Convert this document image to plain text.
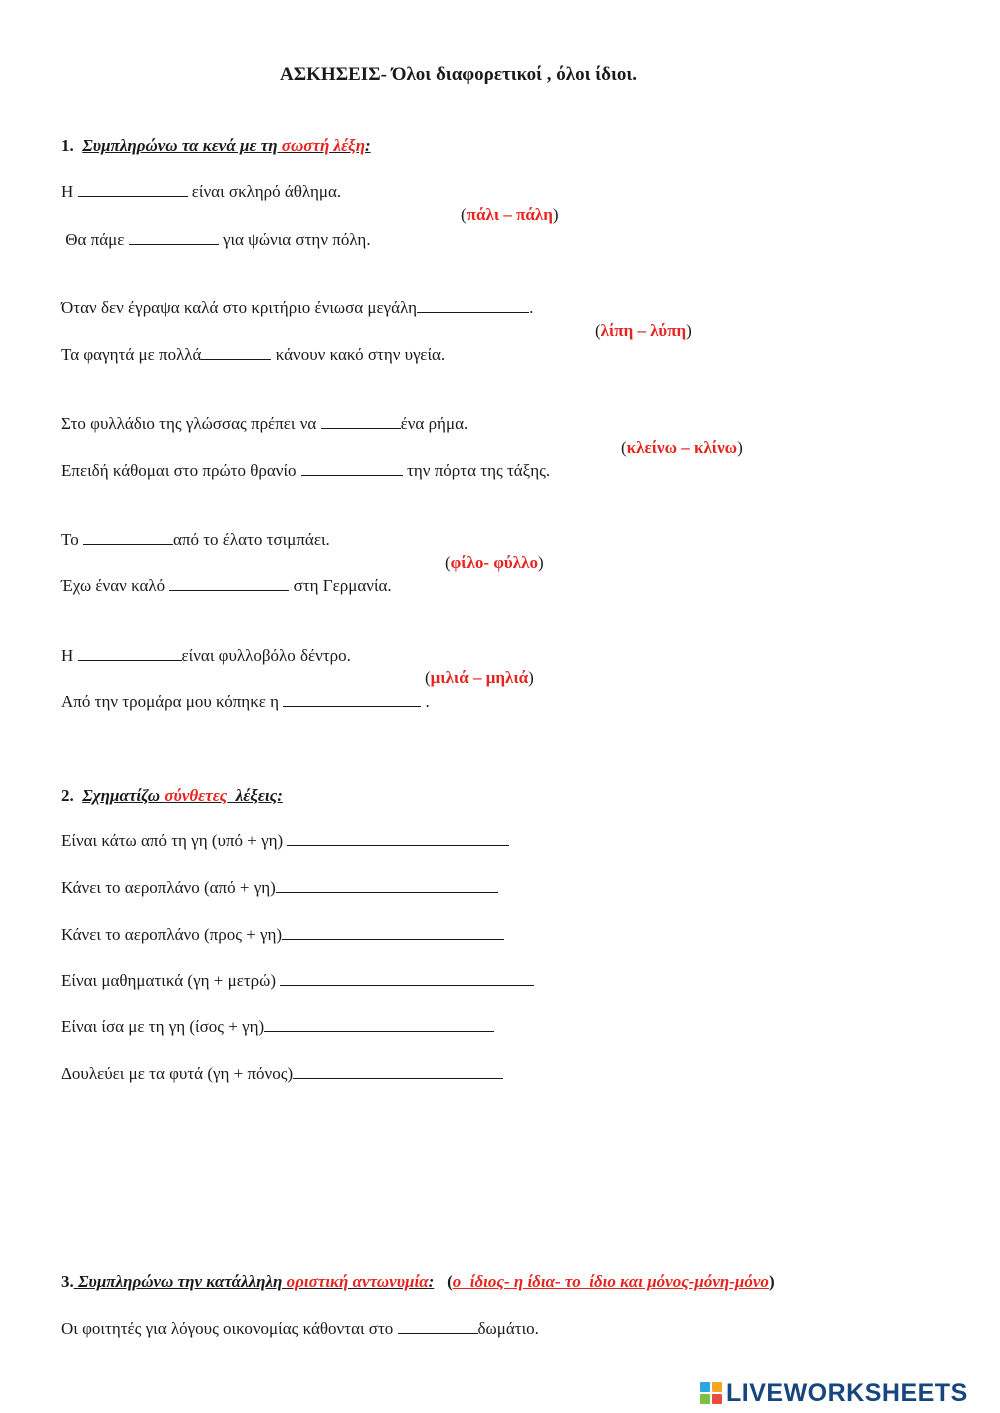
ΑΣΚΗΣΕΙΣ- Όλοι διαφορετικοί , όλοι ίδιοι.
1.  Συμπληρώνω τα κενά με τη σωστή λέξη:
Η	είναι σκληρό άθλημα.
(πάλι – πάλη)
Θα πάμε	για ψώνια στην πόλη.
Όταν δεν έγραψα καλά στο κριτήριο ένιωσα μεγάλη	.
(λίπη – λύπη)
Τα φαγητά με πολλά	κάνουν κακό στην υγεία.
Στο φυλλάδιο της γλώσσας πρέπει να	ένα ρήμα.
(κλείνω – κλίνω)
Επειδή κάθομαι στο πρώτο θρανίο	την πόρτα της τάξης.
Το	από το έλατο τσιμπάει.
(φίλο- φύλλο)
Έχω έναν καλό	στη Γερμανία.
Η	είναι φυλλοβόλο δέντρο.
(μιλιά – μηλιά)
Από την τρομάρα μου κόπηκε η	.
2.  Σχηματίζω σύνθετες  λέξεις:
Είναι κάτω από τη γη (υπό + γη)
Κάνει το αεροπλάνο (από + γη)
Κάνει το αεροπλάνο (προς + γη)
Είναι μαθηματικά (γη + μετρώ)
Είναι ίσα με τη γη (ίσος + γη)
Δουλεύει με τα φυτά (γη + πόνος)
3. Συμπληρώνω την κατάλληλη οριστική αντωνυμία:   (ο  ίδιος- η ίδια- το  ίδιο και μόνος-μόνη-μόνο)
Οι φοιτητές για λόγους οικονομίας κάθονται στο	δωμάτιο.
LIVEWORKSHEETS
